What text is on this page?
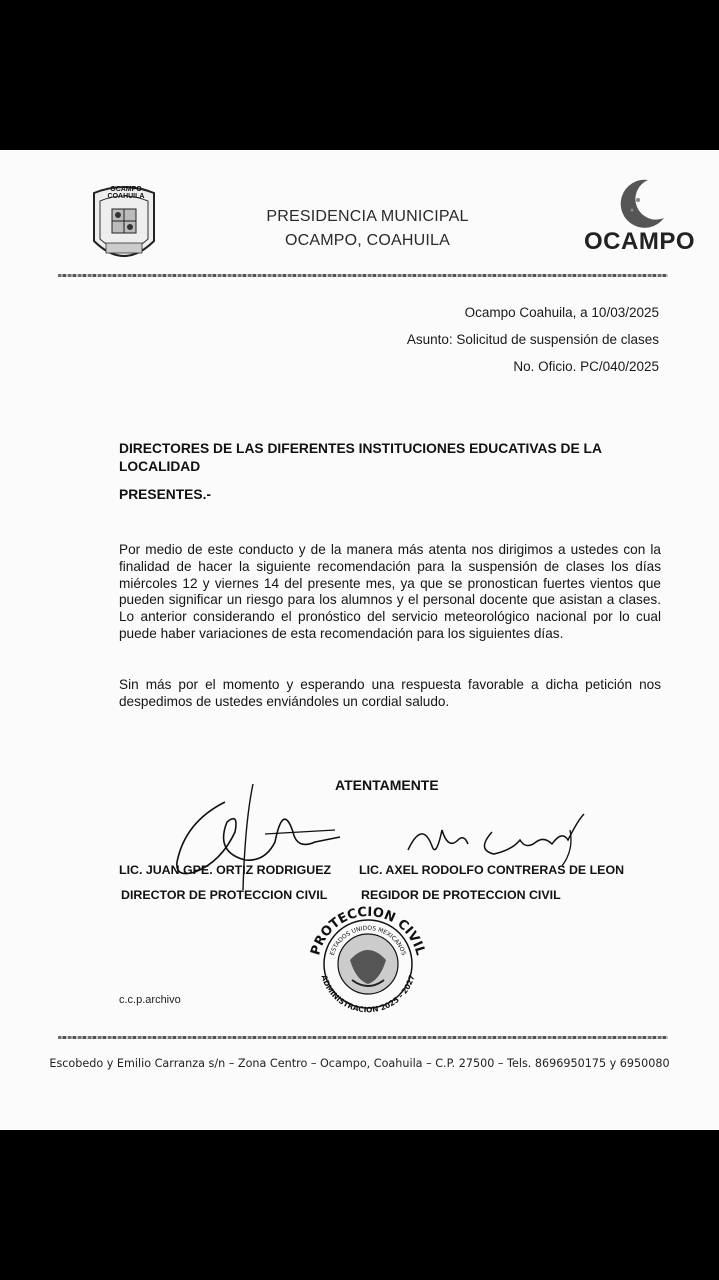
OCAMPO COAHUILA
PRESIDENCIA MUNICIPAL
OCAMPO, COAHUILA	OCAMPO
Ocampo Coahuila, a 10/03/2025
Asunto: Solicitud de suspensión de clases
No. Oficio. PC/040/2025
DIRECTORES DE LAS DIFERENTES INSTITUCIONES EDUCATIVAS DE LA
LOCALIDAD
PRESENTES.-
Por medio de este conducto y de la manera más atenta nos dirigimos a ustedes con la finalidad de hacer la siguiente recomendación para la suspensión de clases los días miércoles 12 y viernes 14 del presente mes, ya que se pronostican fuertes vientos que pueden significar un riesgo para los alumnos y el personal docente que asistan a clases. Lo anterior considerando el pronóstico del servicio meteorológico nacional por lo cual puede haber variaciones de esta recomendación para los siguientes días.
Sin más por el momento y esperando una respuesta favorable a dicha petición nos despedimos de ustedes enviándoles un cordial saludo.
ATENTAMENTE
LIC. JUAN GPE. ORTIZ RODRIGUEZ LIC. AXEL RODOLFO CONTRERAS DE LEON
DIRECTOR DE PROTECCION CIVIL	REGIDOR DE PROTECCION CIVIL
PROTECCION CIVIL
ESTADOS UNIDOS MEXICANOS
ADMINISTRACION 2025 - 2027
c.c.p.archivo
Escobedo y Emilio Carranza s/n – Zona Centro – Ocampo, Coahuila – C.P. 27500 – Tels. 8696950175 y 6950080
